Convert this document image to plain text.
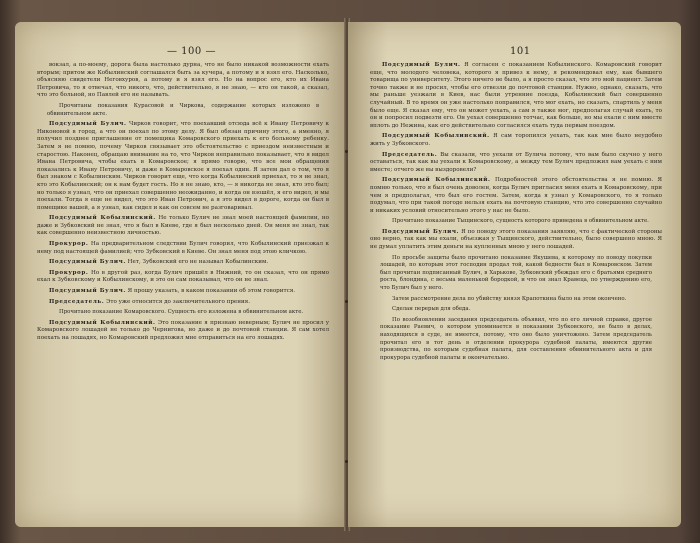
— 100 —

вокзал, а по-моему, дорога была настолько дурна, что не было никакой возможности ехать вторым; притом же Кобылинский соглашался быть за кучера, а потому и я взял его. Насколько, объясняю свидетели Неговхуров, а потому и я взял его. Но на вопрос его, кто их Ивана Петровича, то я отвечал, что никого, что, действительно, я не знаю, — кто он такой, а сказал, что это больной, но Павлей его не называть.

Прочитаны показания Курасовой и Чиркова, содержание которых изложено в обвинительном акте.

Подсудимый Булич. Чирков говорит, что поехавший отсюда всё к Ивану Петровичу к Никоновой в город, а что он поехал по этому делу. Я был обязан причину этого, а именно, я получил позднее приглашение от помещика Комаровского приехать к его больному ребенку. Затем я не помню, почему Чирков связывает это обстоятельство с приездом неизвестным и старостою. Наконец, обращаю внимание на то, что Чирков неправильно показывает, что я видел Ивана Петровича, чтобы ехать в Комаровское; я прямо говорю, что все мои обращения показались к Ивану Петровичу, и даже в Комаровское я поехал один. Я затем дал о том, что я был знаком с Кобылинским. Чирков говорит еще, что когда Кобылинский приехал, то я не знал, кто это Кобылинский; он к нам будет гость. Но я не знаю, кто, — я никогда не знал, кто это был; но только я узнал, что он приехал совершенно неожиданно, и когда он взошёл, я его видел, и мы поехали. Тогда я еще не видел, что это Иван Петрович, а я это видел в дороге, когда он был в помещике вашей, а я узнал, как сидел и как он совсем не разговаривал.

Подсудимый Кобылинский. Не только Булич не знал моей настоящей фамилии, но даже и Зубковский не знал, что я был в Киеве, где я был несколько дней. Он меня не знал, так как совершенно неизвестною личностью.

Прокурор. На предварительном следствии Булич говорил, что Кобылинский приезжал к нему под настоящей фамилией; что Зубковский в Киеве. Он знал меня под этою кличкою.

Подсудимый Булич. Нет, Зубковский его не называл Кобылинским.

Прокурор. Но в другой раз, когда Булич пришёл в Нижний, то он сказал, что он прямо ехал к Зубковскому и Кобылинскому, и это он сам показывал, что он не знал.

Подсудимый Булич. Я прошу указать, в каком показании об этом говорится.

Председатель. Это уже относится до заключительного прения.

Прочитано показание Комаровского. Сущность его изложена в обвинительном акте.

Подсудимый Кобылинский. Это показание я признаю неверным; Булич не просил у Комаровского лошадей не только до Чернигова, но даже и до почтовой станции. Я сам хотел поехать на лошадях, но Комаровский предложил мне отправиться на его лошадях.

101

Подсудимый Булич. Я согласен с показанием Кобылинского. Комаровский говорит еще, что молодого человека, которого я привез к нему, я рекомендовал ему, как бывшего товарища по университету. Этого ничего не было, а я просто сказал, что это мой пациент. Затем точно также и не просил, чтобы его отвезли до почтовой станции. Нужно, однако, сказать, что мы раньше уезжали в Киев, нас были утренние поезда, Кобылинский был совершенно случайный. В то время он уже настолько поправился, что мог ехать, но сказать, спартиль у меня было еще. Я сказал ему, что он может уехать, а сам я также мог, предполагая случай ехать, то он и попросил подвезти его. Он уехал совершенно тотчас, как больше, но мы ехали с ним вместе вплоть до Нежина, как его действительно согласился ехать туда первым поездом.

Подсудимый Кобылинский. Я сам торопился уехать, так как мне было неудобно жить у Зубковского.

Председатель. Вы сказали, что уехали от Булича потому, что вам было скучно у него оставаться, так как вы уехали к Комаровскому, а между тем Булич предложил вам уехать с ним вместе; отчего же вы выздоровели?

Подсудимый Кобылинский. Подробностей этого обстоятельства я не помню. Я помню только, что я был очень доволен, когда Булич пригласил меня ехать в Комаровскому, при чем я предполагал, что был его гостем. Затем, когда я узнал у Комаровского, то я только подумал, что при такой погоде нельзя ехать на почтовую станцию, что это совершенно случайно и никаких условий относительно этого у нас не было.

Прочитано показание Тыщинского, сущность которого приведена в обвинительном акте.

Подсудимый Булич. Я по поводу этого показания заявляю, что с фактической стороны оно верно, так как мы ехали, объезжая у Тыщинского, действительно, было совершено мною. Я не думал уплатить этим деньги на купленных мною у него лошадей.

По просьбе защиты было прочитано показание Якушева, к которому по поводу покупки лошадей, по которым этот господин продал той, какой бедности был в Комаровском. Затем был прочитан подписанный Булич, в Харькове, Зубковский убеждал его с братьями среднего роста, блондина, с весьма маленькой бородкой, и что он знал Кравеца, по утверждению его, что Булич был у него.

Затем рассмотрение дела по убийству князя Крапоткина было на этом окончено.

Сделан перерыв для обеда.

По возобновлении заседания председатель объявил, что по его личной справке, другое показание Раевич, о котором упоминается в показании Зубковского, не было в делах, находящихся в суде, не имеется, потому, что оно было уничтожено. Затем председатель прочитал его в тот день в отделении прокурора судебной палаты, имеются другие производства, по которым судебная палата, для составления обвинительного акта и для прокурора судебной палаты и окончательно.
